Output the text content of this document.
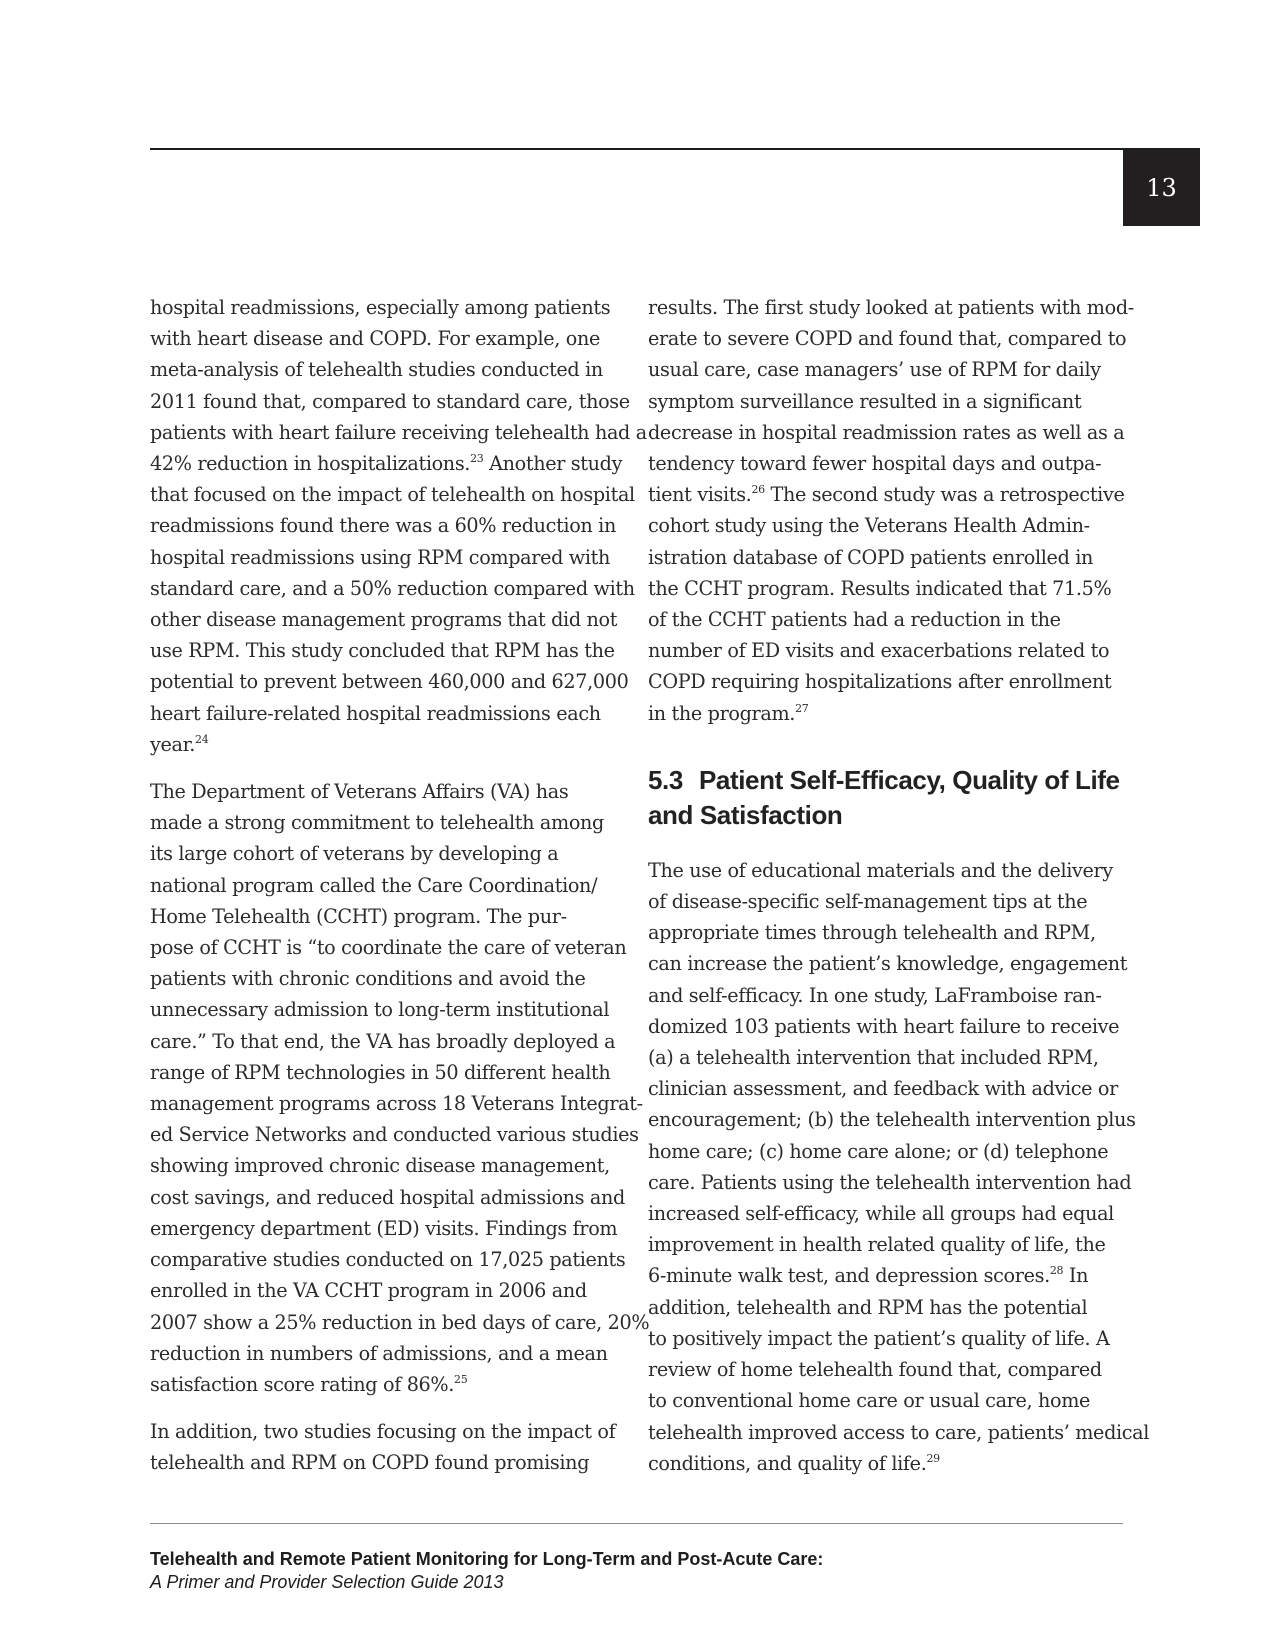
13

hospital readmissions, especially among patients
with heart disease and COPD. For example, one
meta-analysis of telehealth studies conducted in
2011 found that, compared to standard care, those
patients with heart failure receiving telehealth had a
42% reduction in hospitalizations.$^{23}$ Another study
that focused on the impact of telehealth on hospital
readmissions found there was a 60% reduction in
hospital readmissions using RPM compared with
standard care, and a 50% reduction compared with
other disease management programs that did not
use RPM. This study concluded that RPM has the
potential to prevent between 460,000 and 627,000
heart failure-related hospital readmissions each
year.$^{24}$

The Department of Veterans Affairs (VA) has
made a strong commitment to telehealth among
its large cohort of veterans by developing a
national program called the Care Coordination/
Home Telehealth (CCHT) program. The pur-
pose of CCHT is “to coordinate the care of veteran
patients with chronic conditions and avoid the
unnecessary admission to long-term institutional
care.” To that end, the VA has broadly deployed a
range of RPM technologies in 50 different health
management programs across 18 Veterans Integrat-
ed Service Networks and conducted various studies
showing improved chronic disease management,
cost savings, and reduced hospital admissions and
emergency department (ED) visits. Findings from
comparative studies conducted on 17,025 patients
enrolled in the VA CCHT program in 2006 and
2007 show a 25% reduction in bed days of care, 20%
reduction in numbers of admissions, and a mean
satisfaction score rating of 86%.$^{25}$

In addition, two studies focusing on the impact of
telehealth and RPM on COPD found promising

results. The first study looked at patients with mod-
erate to severe COPD and found that, compared to
usual care, case managers’ use of RPM for daily
symptom surveillance resulted in a significant
decrease in hospital readmission rates as well as a
tendency toward fewer hospital days and outpa-
tient visits.$^{26}$ The second study was a retrospective
cohort study using the Veterans Health Admin-
istration database of COPD patients enrolled in
the CCHT program. Results indicated that 71.5%
of the CCHT patients had a reduction in the
number of ED visits and exacerbations related to
COPD requiring hospitalizations after enrollment
in the program.$^{27}$

5.3 Patient Self-Efficacy, Quality of Life
and Satisfaction

The use of educational materials and the delivery
of disease-specific self-management tips at the
appropriate times through telehealth and RPM,
can increase the patient’s knowledge, engagement
and self-efficacy. In one study, LaFramboise ran-
domized 103 patients with heart failure to receive
(a) a telehealth intervention that included RPM,
clinician assessment, and feedback with advice or
encouragement; (b) the telehealth intervention plus
home care; (c) home care alone; or (d) telephone
care. Patients using the telehealth intervention had
increased self-efficacy, while all groups had equal
improvement in health related quality of life, the
6-minute walk test, and depression scores.$^{28}$ In
addition, telehealth and RPM has the potential
to positively impact the patient’s quality of life. A
review of home telehealth found that, compared
to conventional home care or usual care, home
telehealth improved access to care, patients’ medical
conditions, and quality of life.$^{29}$

Telehealth and Remote Patient Monitoring for Long-Term and Post-Acute Care:
A Primer and Provider Selection Guide 2013
